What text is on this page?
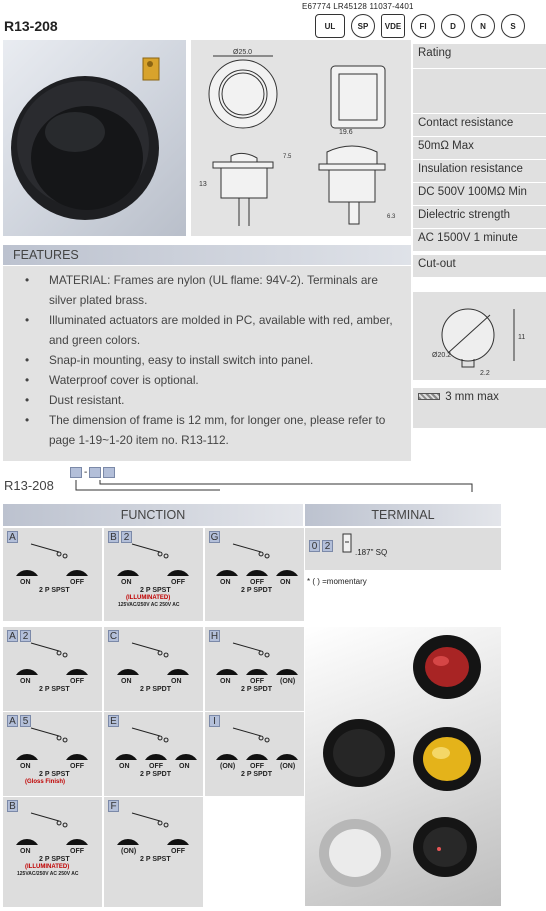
R13-208
E67774 LR45128 11037-4401
UL	SP	VDE	FI	D	N	S
Ø25.0
13
7.5
19.6
6.3
Rating
Contact resistance
50mΩ Max
Insulation resistance
DC 500V 100MΩ Min
Dielectric strength
AC 1500V 1 minute
Cut-out
Ø20.2
11
2.2
3 mm max
FEATURES
• MATERIAL: Frames are nylon (UL flame: 94V-2). Terminals are silver plated brass.
• Illuminated actuators are molded in PC, available with red, amber, and green colors.
• Snap-in mounting, easy to install switch into panel.
• Waterproof cover is optional.
• Dust resistant.
• The dimension of frame is 12 mm, for longer one, please refer to page 1-19~1-20 item no. R13-112.
R13-208
-
FUNCTION	TERMINAL
0 2
.187" SQ
* ( ) =momentary
A
ON	OFF
2 P SPST
B 2
ON	OFF
2 P SPST
(ILLUMINATED)
125VAC/250V AC 250V AC
G
ON	OFF ON
2 P SPDT
A 2
ON	OFF
2 P SPST
C
ON	ON
2 P SPDT
H
ON	OFF (ON)
2 P SPDT
A 5
ON	OFF
2 P SPST
(Gloss Finish)
E
ON	OFF ON
2 P SPDT
I
(ON) OFF (ON)
2 P SPDT
B
ON	OFF
2 P SPST
(ILLUMINATED)
125VAC/250V AC 250V AC
F
(ON)	OFF
2 P SPST
